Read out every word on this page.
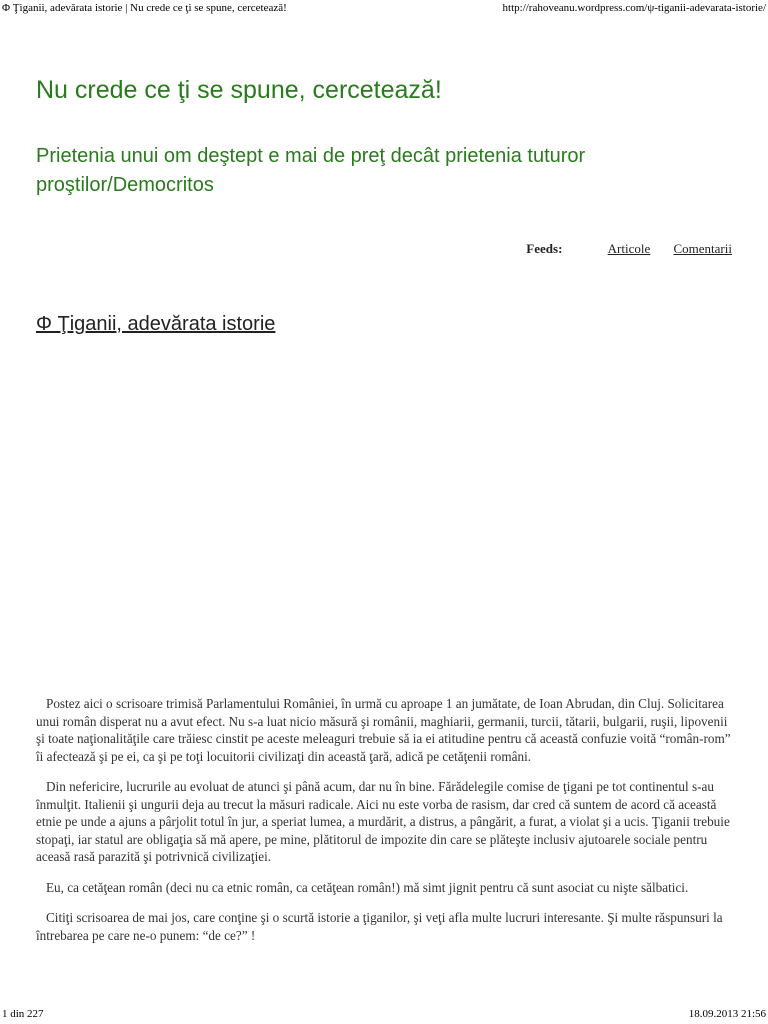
Φ Ţiganii, adevărata istorie | Nu crede ce ţi se spune, cercetează!	http://rahoveanu.wordpress.com/ψ-tiganii-adevarata-istorie/
Nu crede ce ţi se spune, cercetează!
Prietenia unui om deştept e mai de preţ decât prietenia tuturor proştilor/Democritos
Feeds:	Articole Comentarii
Φ Ţiganii, adevărata istorie

Postez aici o scrisoare trimisă Parlamentului României, în urmă cu aproape 1 an jumătate, de Ioan Abrudan, din Cluj. Solicitarea unui român disperat nu a avut efect. Nu s-a luat nicio măsură şi românii, maghiarii, germanii, turcii, tătarii, bulgarii, ruşii, lipovenii şi toate naţionalităţile care trăiesc cinstit pe aceste meleaguri trebuie să ia ei atitudine pentru că această confuzie voită “român-rom” îi afectează şi pe ei, ca şi pe toţi locuitorii civilizaţi din această ţară, adică pe cetăţenii români.

Din nefericire, lucrurile au evoluat de atunci şi până acum, dar nu în bine. Fărădelegile comise de ţigani pe tot continentul s-au înmulţit. Italienii şi ungurii deja au trecut la măsuri radicale. Aici nu este vorba de rasism, dar cred că suntem de acord că această etnie pe unde a ajuns a pârjolit totul în jur, a speriat lumea, a murdărit, a distrus, a pângărit, a furat, a violat şi a ucis. Ţiganii trebuie stopaţi, iar statul are obligaţia să mă apere, pe mine, plătitorul de impozite din care se plăteşte inclusiv ajutoarele sociale pentru aceasă rasă parazită şi potrivnică civilizaţiei.

Eu, ca cetăţean român (deci nu ca etnic român, ca cetăţean român!) mă simt jignit pentru că sunt asociat cu nişte sălbatici.

Citiţi scrisoarea de mai jos, care conţine şi o scurtă istorie a ţiganilor, şi veţi afla multe lucruri interesante. Şi multe răspunsuri la întrebarea pe care ne-o punem: “de ce?” !

1 din 227	18.09.2013 21:56
